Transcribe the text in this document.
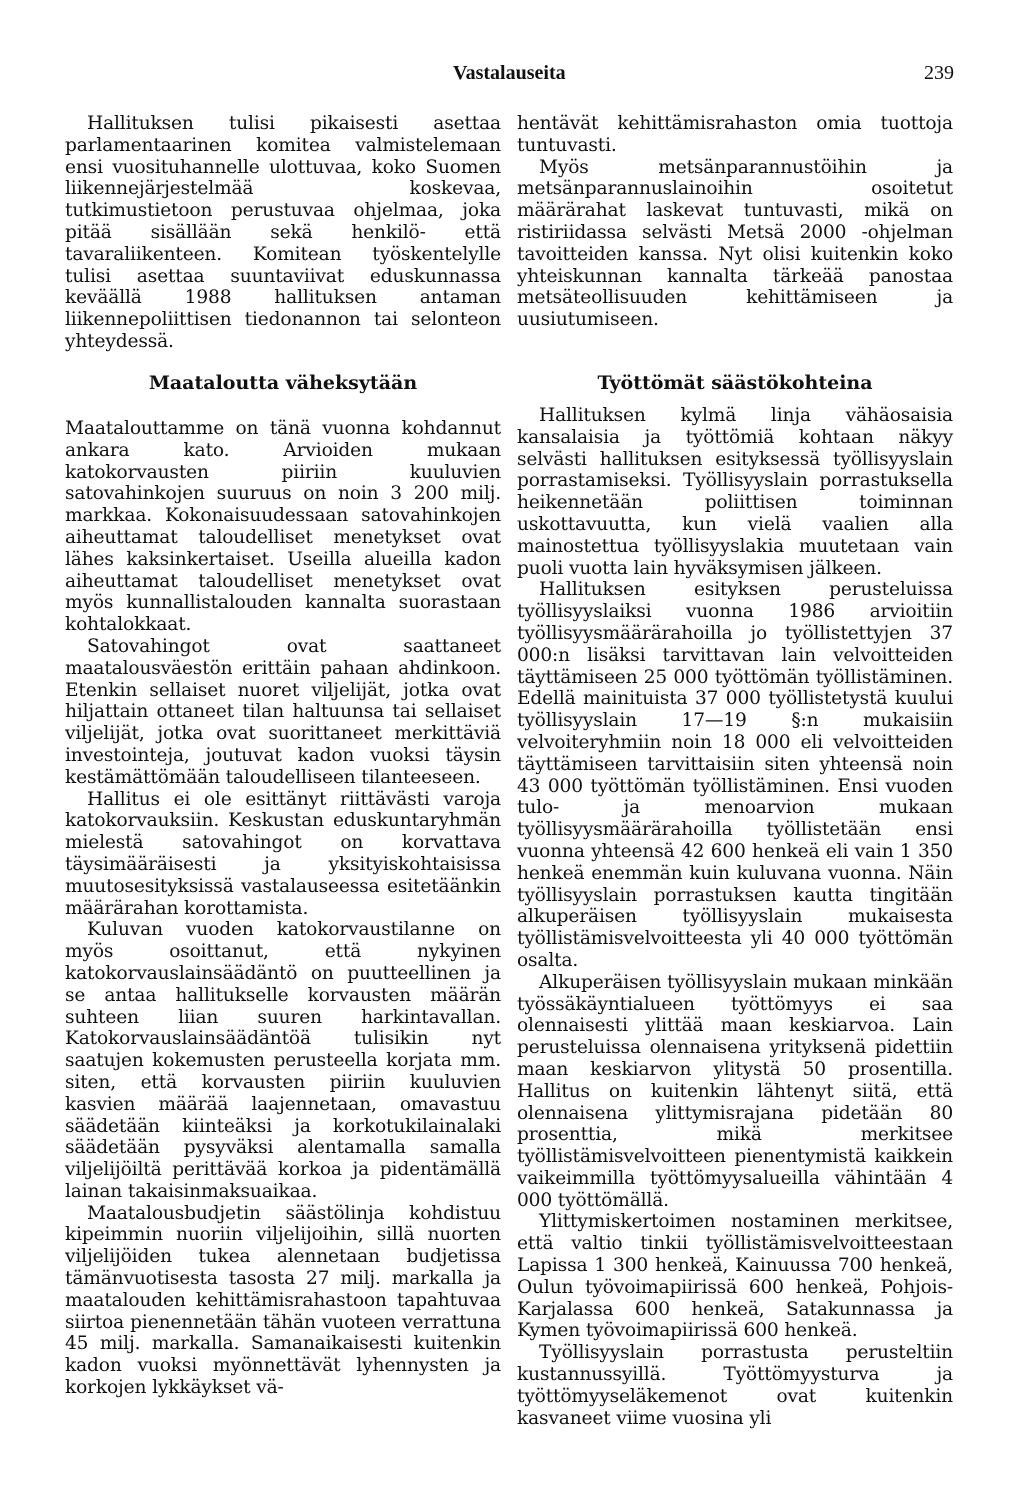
Vastalauseita	239

Hallituksen tulisi pikaisesti asettaa parlamentaarinen komitea valmistelemaan ensi vuosituhannelle ulottuvaa, koko Suomen liikennejärjestelmää koskevaa, tutkimustietoon perustuvaa ohjelmaa, joka pitää sisällään sekä henkilö- että tavaraliikenteen. Komitean työskentelylle tulisi asettaa suuntaviivat eduskunnassa keväällä 1988 hallituksen antaman liikennepoliittisen tiedonannon tai selonteon yhteydessä.

Maataloutta väheksytään

Maatalouttamme on tänä vuonna kohdannut ankara kato. Arvioiden mukaan katokorvausten piiriin kuuluvien satovahinkojen suuruus on noin 3 200 milj. markkaa. Kokonaisuudessaan satovahinkojen aiheuttamat taloudelliset menetykset ovat lähes kaksinkertaiset. Useilla alueilla kadon aiheuttamat taloudelliset menetykset ovat myös kunnallistalouden kannalta suorastaan kohtalokkaat.

Satovahingot ovat saattaneet maatalousväestön erittäin pahaan ahdinkoon. Etenkin sellaiset nuoret viljelijät, jotka ovat hiljattain ottaneet tilan haltuunsa tai sellaiset viljelijät, jotka ovat suorittaneet merkittäviä investointeja, joutuvat kadon vuoksi täysin kestämättömään taloudelliseen tilanteeseen.

Hallitus ei ole esittänyt riittävästi varoja katokorvauksiin. Keskustan eduskuntaryhmän mielestä satovahingot on korvattava täysimääräisesti ja yksityiskohtaisissa muutosesityksissä vastalauseessa esitetäänkin määrärahan korottamista.

Kuluvan vuoden katokorvaustilanne on myös osoittanut, että nykyinen katokorvauslainsäädäntö on puutteellinen ja se antaa hallitukselle korvausten määrän suhteen liian suuren harkintavallan. Katokorvauslainsäädäntöä tulisikin nyt saatujen kokemusten perusteella korjata mm. siten, että korvausten piiriin kuuluvien kasvien määrää laajennetaan, omavastuu säädetään kiinteäksi ja korkotukilainalaki säädetään pysyväksi alentamalla samalla viljelijöiltä perittävää korkoa ja pidentämällä lainan takaisinmaksuaikaa.

Maatalousbudjetin säästölinja kohdistuu kipeimmin nuoriin viljelijoihin, sillä nuorten viljelijöiden tukea alennetaan budjetissa tämänvuotisesta tasosta 27 milj. markalla ja maatalouden kehittämisrahastoon tapahtuvaa siirtoa pienennetään tähän vuoteen verrattuna 45 milj. markalla. Samanaikaisesti kuitenkin kadon vuoksi myönnettävät lyhennysten ja korkojen lykkäykset vä-

hentävät kehittämisrahaston omia tuottoja tuntuvasti.

Myös metsänparannustöihin ja metsänparannuslainoihin osoitetut määrärahat laskevat tuntuvasti, mikä on ristiriidassa selvästi Metsä 2000 -ohjelman tavoitteiden kanssa. Nyt olisi kuitenkin koko yhteiskunnan kannalta tärkeää panostaa metsäteollisuuden kehittämiseen ja uusiutumiseen.

Työttömät säästökohteina

Hallituksen kylmä linja vähäosaisia kansalaisia ja työttömiä kohtaan näkyy selvästi hallituksen esityksessä työllisyyslain porrastamiseksi. Työllisyyslain porrastuksella heikennetään poliittisen toiminnan uskottavuutta, kun vielä vaalien alla mainostettua työllisyyslakia muutetaan vain puoli vuotta lain hyväksymisen jälkeen.

Hallituksen esityksen perusteluissa työllisyyslaiksi vuonna 1986 arvioitiin työllisyysmäärärahoilla jo työllistettyjen 37 000:n lisäksi tarvittavan lain velvoitteiden täyttämiseen 25 000 työttömän työllistäminen. Edellä mainituista 37 000 työllistetystä kuului työllisyyslain 17—19 §:n mukaisiin velvoiteryhmiin noin 18 000 eli velvoitteiden täyttämiseen tarvittaisiin siten yhteensä noin 43 000 työttömän työllistäminen. Ensi vuoden tulo- ja menoarvion mukaan työllisyysmäärärahoilla työllistetään ensi vuonna yhteensä 42 600 henkeä eli vain 1 350 henkeä enemmän kuin kuluvana vuonna. Näin työllisyyslain porrastuksen kautta tingitään alkuperäisen työllisyyslain mukaisesta työllistämisvelvoitteesta yli 40 000 työttömän osalta.

Alkuperäisen työllisyyslain mukaan minkään työssäkäyntialueen työttömyys ei saa olennaisesti ylittää maan keskiarvoa. Lain perusteluissa olennaisena yrityksenä pidettiin maan keskiarvon ylitystä 50 prosentilla. Hallitus on kuitenkin lähtenyt siitä, että olennaisena ylittymisrajana pidetään 80 prosenttia, mikä merkitsee työllistämisvelvoitteen pienentymistä kaikkein vaikeimmilla työttömyysalueilla vähintään 4 000 työttömällä.

Ylittymiskertoimen nostaminen merkitsee, että valtio tinkii työllistämisvelvoitteestaan Lapissa 1 300 henkeä, Kainuussa 700 henkeä, Oulun työvoimapiirissä 600 henkeä, Pohjois-Karjalassa 600 henkeä, Satakunnassa ja Kymen työvoimapiirissä 600 henkeä.

Työllisyyslain porrastusta perusteltiin kustannussyillä. Työttömyysturva ja työttömyyseläkemenot ovat kuitenkin kasvaneet viime vuosina yli
